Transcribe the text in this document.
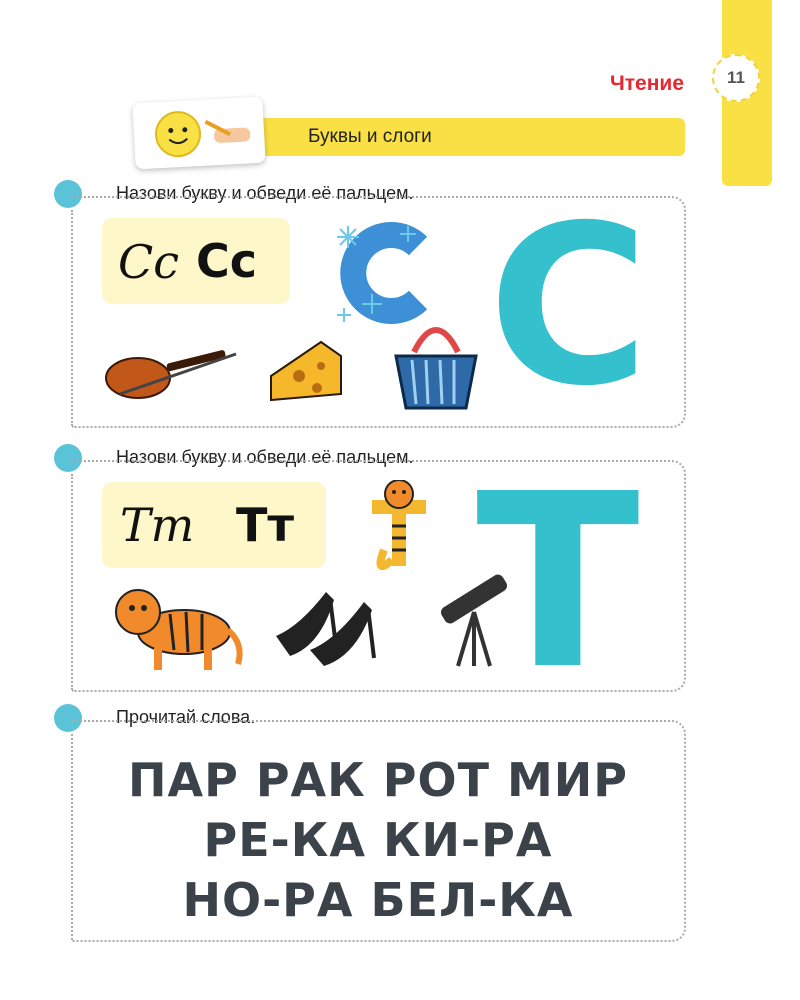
11
Чтение
Буквы и слоги
Назови букву и обведи её пальцем.
Cc Cc C
Назови букву и обведи её пальцем.
Tm Tт T
Прочитай слова.
ПАР РАК РОТ МИР
РЕ-КА КИ-РА
НО-РА БЕЛ-КА
